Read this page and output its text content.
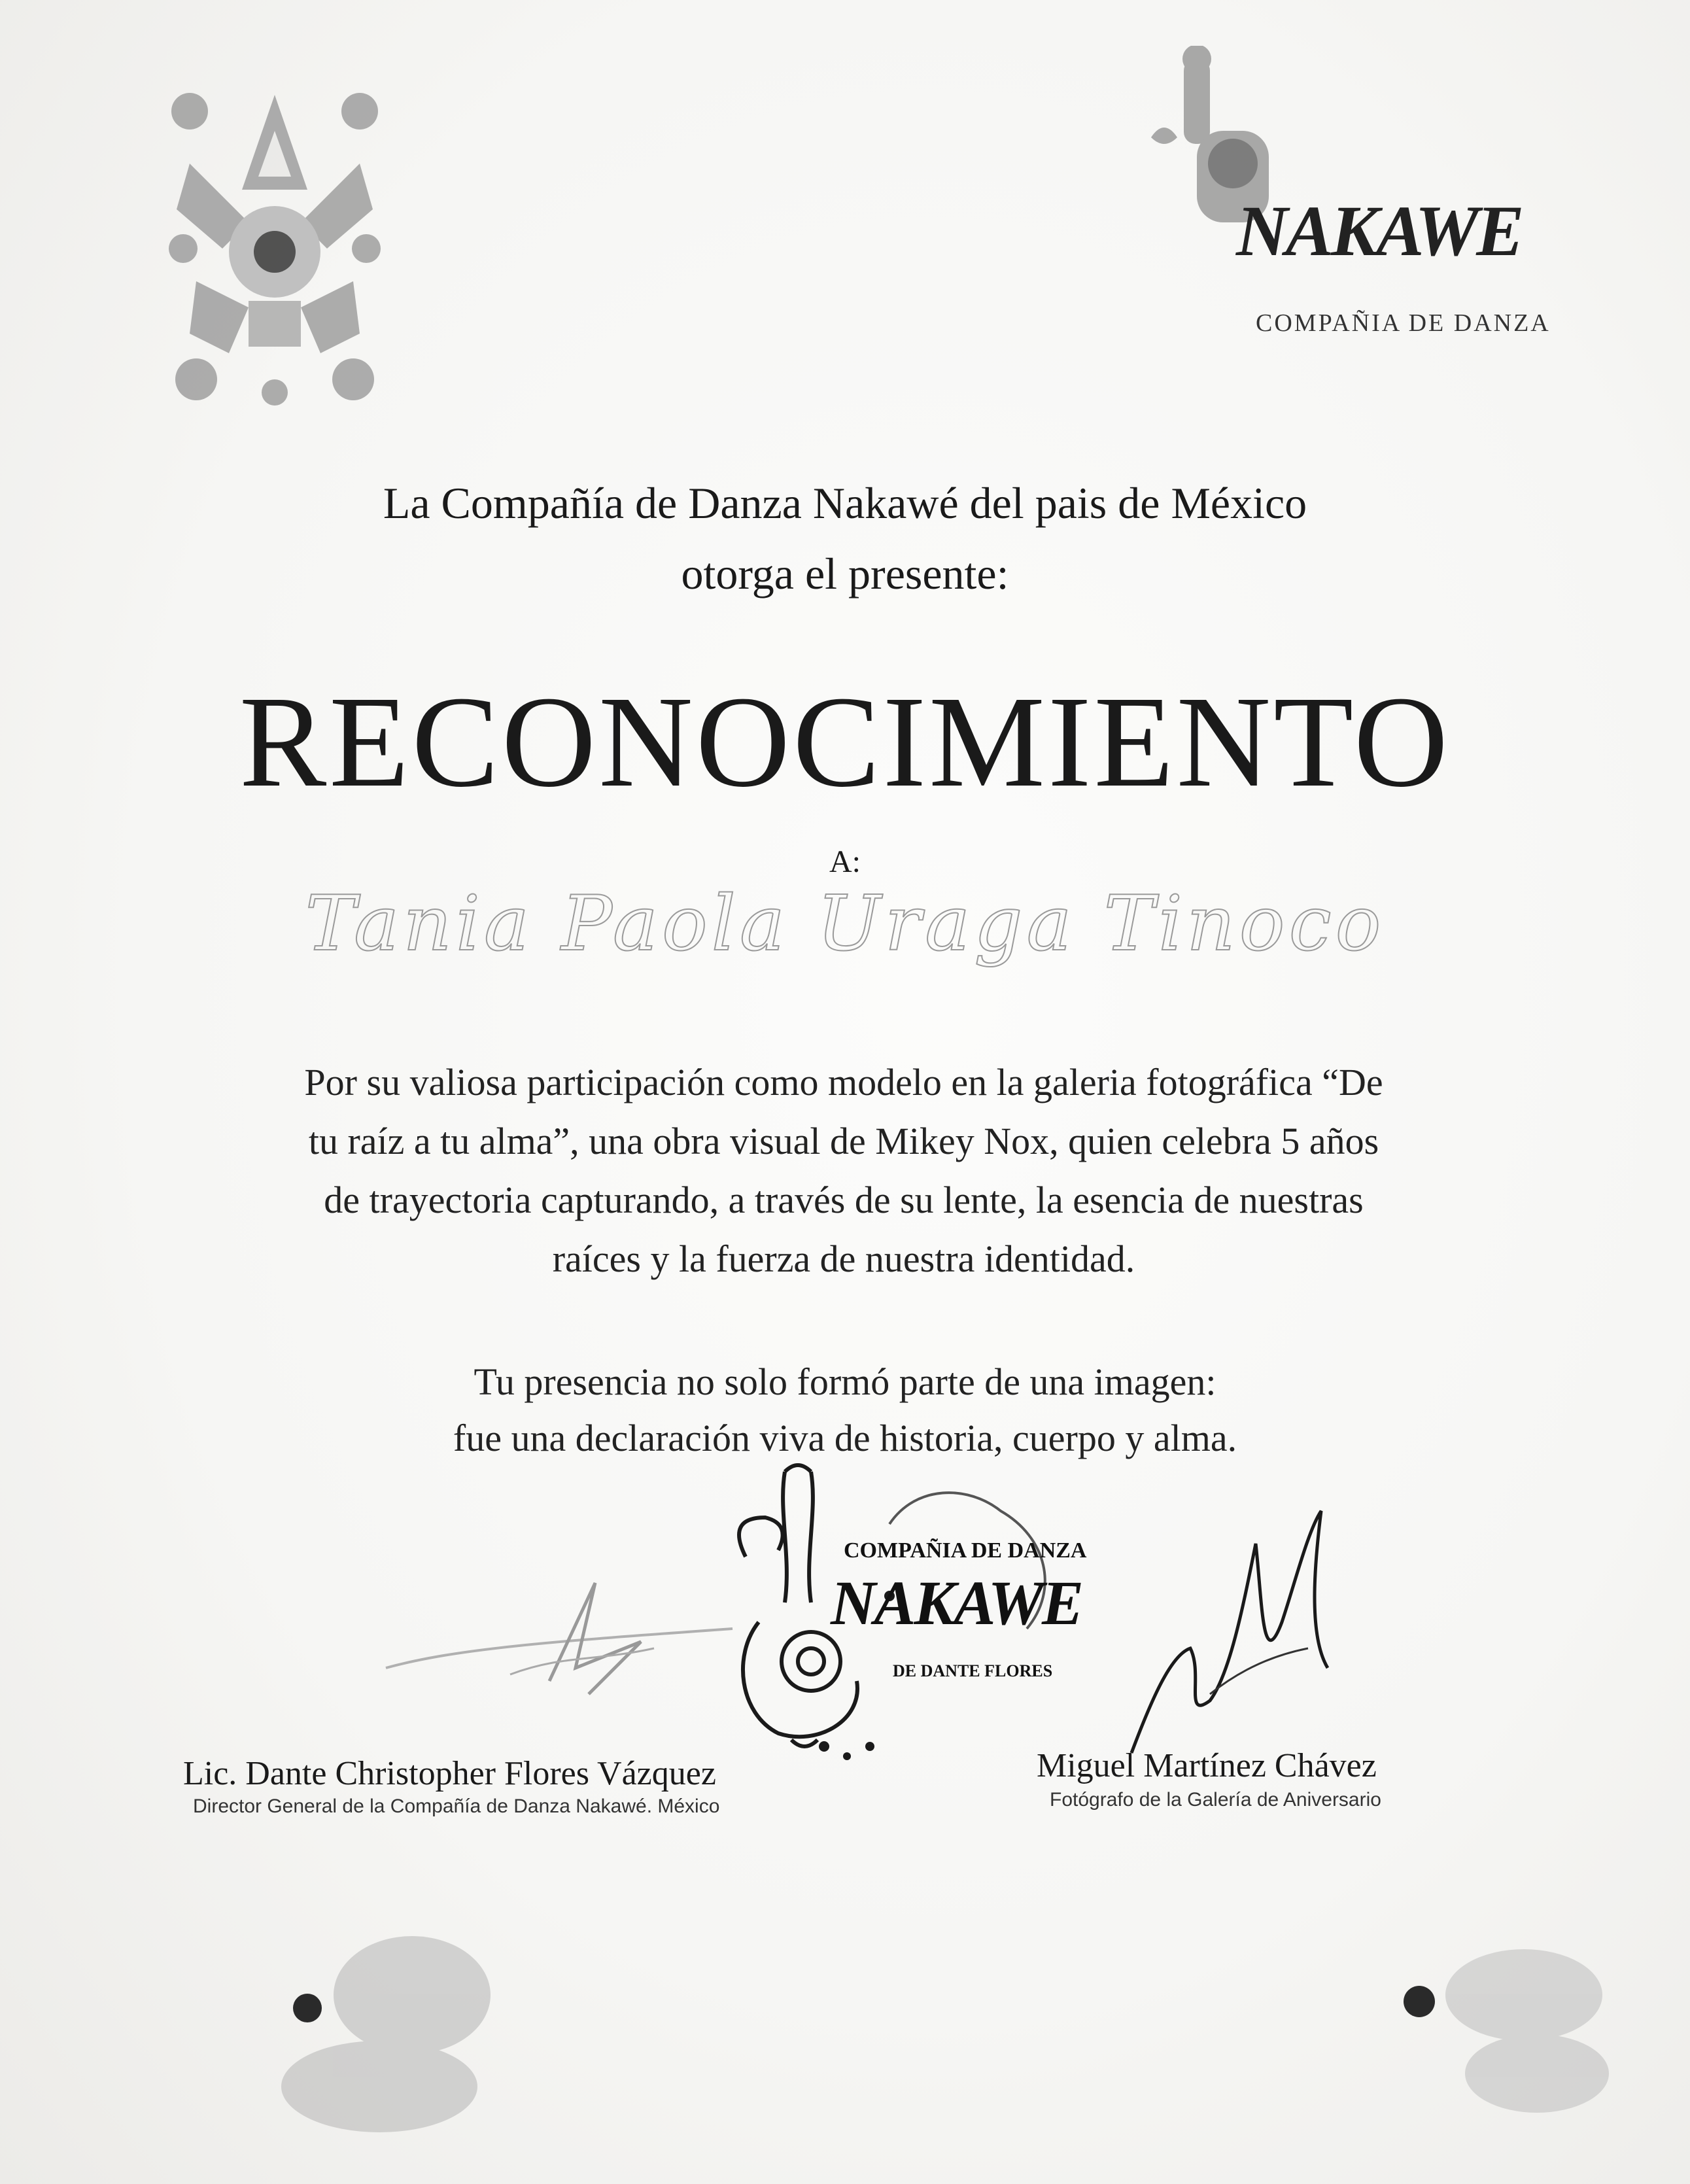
NAKAWE
COMPAÑIA DE DANZA
La Compañía de Danza Nakawé del pais de México
otorga el presente:
RECONOCIMIENTO
A:
Tania Paola Uraga Tinoco
Por su valiosa participación como modelo en la galeria fotográfica “De
tu raíz a tu alma”, una obra visual de Mikey Nox, quien celebra 5 años
de trayectoria capturando, a través de su lente, la esencia de nuestras
raíces y la fuerza de nuestra identidad.
Tu presencia no solo formó parte de una imagen:
fue una declaración viva de historia, cuerpo y alma.
COMPAÑIA DE DANZA
NAKAWE
DE DANTE FLORES
Lic. Dante Christopher Flores Vázquez
Director General de la Compañía de Danza Nakawé. México
Miguel Martínez Chávez
Fotógrafo de la Galería de Aniversario
